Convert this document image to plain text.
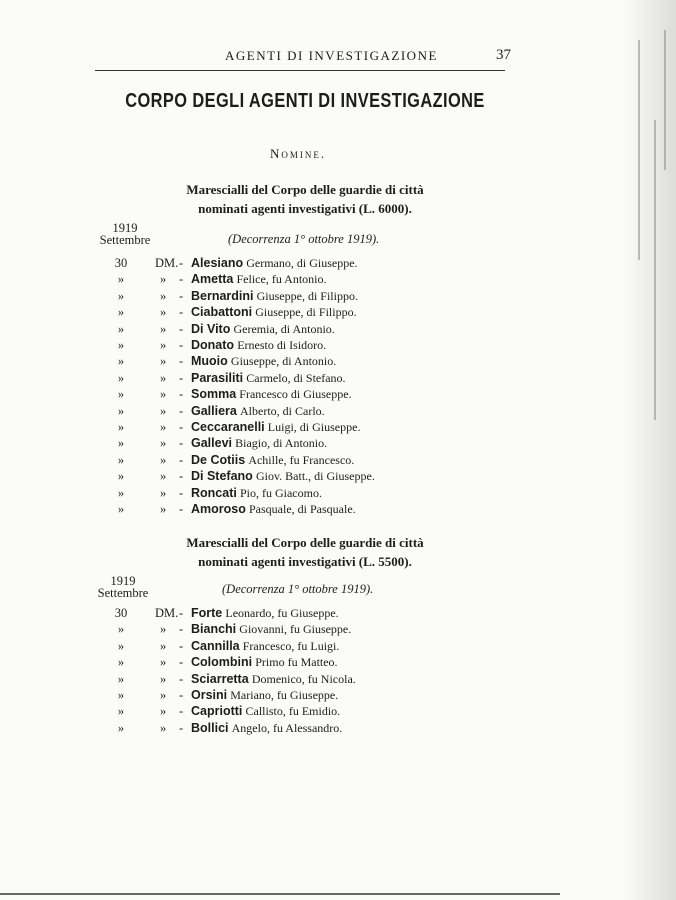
AGENTI DI INVESTIGAZIONE	37
CORPO DEGLI AGENTI DI INVESTIGAZIONE
Nomine.
Marescialli del Corpo delle guardie di città
nominati agenti investigativi (L. 6000).
1919
Settembre	(Decorrenza 1° ottobre 1919).
30 DM. - Alesiano Germano, di Giuseppe.
»	» - Ametta Felice, fu Antonio.
»	» - Bernardini Giuseppe, di Filippo.
»	» - Ciabattoni Giuseppe, di Filippo.
»	» - Di Vito Geremia, di Antonio.
»	» - Donato Ernesto di Isidoro.
»	» - Muoio Giuseppe, di Antonio.
»	» - Parasiliti Carmelo, di Stefano.
»	» - Somma Francesco di Giuseppe.
»	» - Galliera Alberto, di Carlo.
»	» - Ceccaranelli Luigi, di Giuseppe.
»	» - Gallevi Biagio, di Antonio.
»	» - De Cotiis Achille, fu Francesco.
»	» - Di Stefano Giov. Batt., di Giuseppe.
»	» - Roncati Pio, fu Giacomo.
»	» - Amoroso Pasquale, di Pasquale.
Marescialli del Corpo delle guardie di città
nominati agenti investigativi (L. 5500).
1919
Settembre	(Decorrenza 1° ottobre 1919).
30 DM. - Forte Leonardo, fu Giuseppe.
»	» - Bianchi Giovanni, fu Giuseppe.
»	» - Cannilla Francesco, fu Luigi.
»	» - Colombini Primo fu Matteo.
»	» - Sciarretta Domenico, fu Nicola.
»	» - Orsini Mariano, fu Giuseppe.
»	» - Capriotti Callisto, fu Emidio.
»	» - Bollici Angelo, fu Alessandro.
